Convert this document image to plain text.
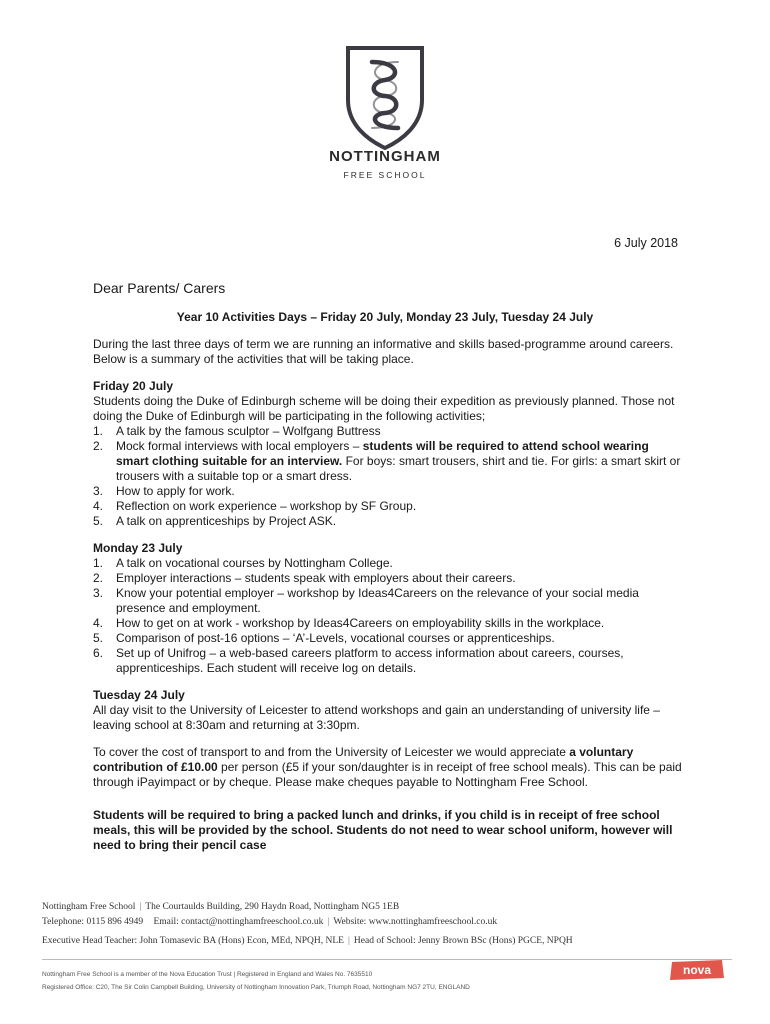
NOTTINGHAM
FREE SCHOOL
6 July 2018
Dear Parents/ Carers
Year 10 Activities Days – Friday 20 July, Monday 23 July, Tuesday 24 July

During the last three days of term we are running an informative and skills based-programme around careers. Below is a summary of the activities that will be taking place.

Friday 20 July
Students doing the Duke of Edinburgh scheme will be doing their expedition as previously planned. Those not doing the Duke of Edinburgh will be participating in the following activities;
1. A talk by the famous sculptor – Wolfgang Buttress
2. Mock formal interviews with local employers – students will be required to attend school wearing smart clothing suitable for an interview. For boys: smart trousers, shirt and tie. For girls: a smart skirt or trousers with a suitable top or a smart dress.
3. How to apply for work.
4. Reflection on work experience – workshop by SF Group.
5. A talk on apprenticeships by Project ASK.
Monday 23 July
1. A talk on vocational courses by Nottingham College.
2. Employer interactions – students speak with employers about their careers.
3. Know your potential employer – workshop by Ideas4Careers on the relevance of your social media presence and employment.
4. How to get on at work - workshop by Ideas4Careers on employability skills in the workplace.
5. Comparison of post-16 options – ‘A’-Levels, vocational courses or apprenticeships.
6. Set up of Unifrog – a web-based careers platform to access information about careers, courses, apprenticeships. Each student will receive log on details.
Tuesday 24 July

All day visit to the University of Leicester to attend workshops and gain an understanding of university life – leaving school at 8:30am and returning at 3:30pm.

To cover the cost of transport to and from the University of Leicester we would appreciate a voluntary contribution of £10.00 per person (£5 if your son/daughter is in receipt of free school meals). This can be paid through iPayimpact or by cheque. Please make cheques payable to Nottingham Free School.

Students will be required to bring a packed lunch and drinks, if you child is in receipt of free school meals, this will be provided by the school. Students do not need to wear school uniform, however will need to bring their pencil case

Nottingham Free School | The Courtaulds Building, 290 Haydn Road, Nottingham NG5 1EB
Telephone: 0115 896 4949 Email: contact@nottinghamfreeschool.co.uk | Website: www.nottinghamfreeschool.co.uk
Executive Head Teacher: John Tomasevic BA (Hons) Econ, MEd, NPQH, NLE | Head of School: Jenny Brown BSc (Hons) PGCE, NPQH
Nottingham Free School is a member of the Nova Education Trust | Registered in England and Wales No. 7635510
Registered Office: C20, The Sir Colin Campbell Building, University of Nottingham Innovation Park, Triumph Road, Nottingham NG7 2TU, ENGLAND
nova
